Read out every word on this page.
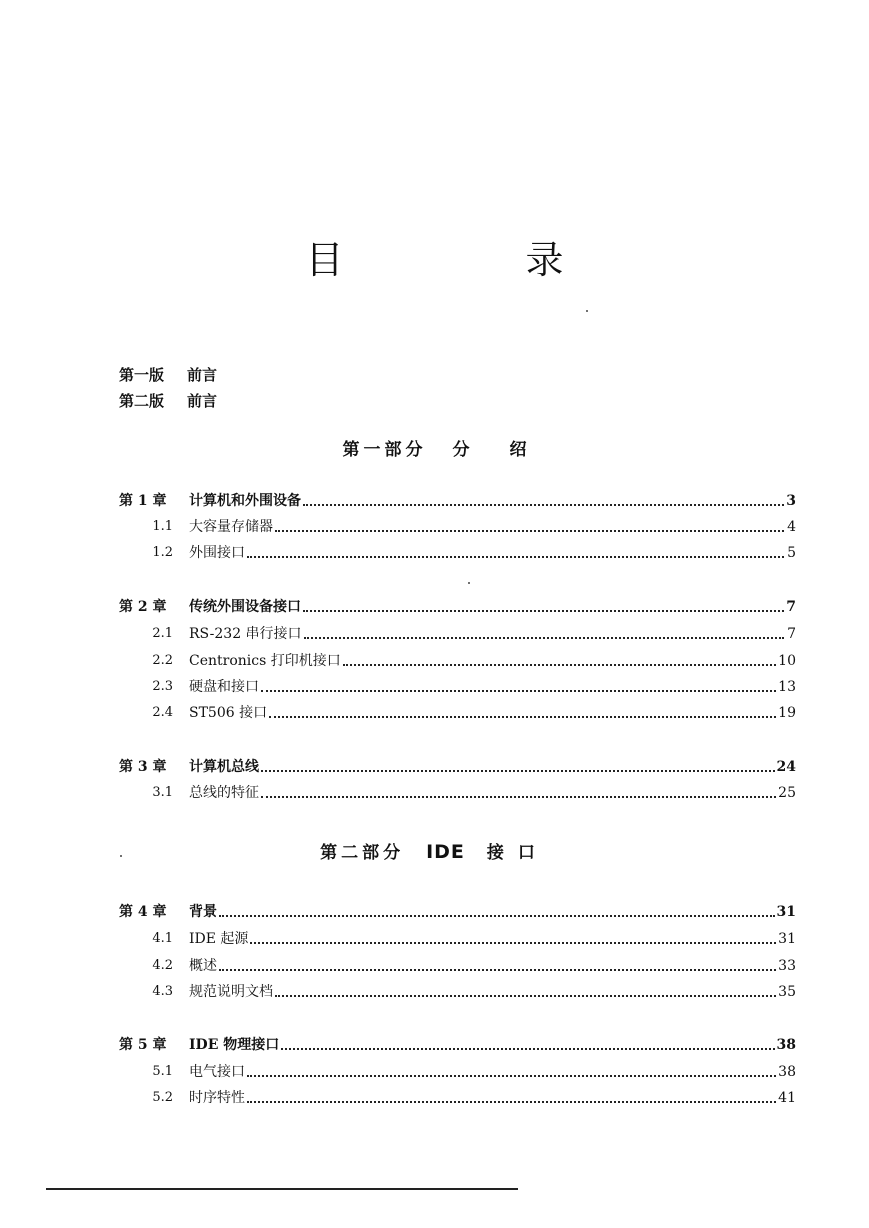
目　录
第一版 前言
第二版 前言
第一部分 分 绍
第二部分 IDE 接口
第 1 章	计算机和外围设备	3
1.1	大容量存储器	4
1.2	外围接口	5
第 2 章	传统外围设备接口	7
2.1	RS-232 串行接口	7
2.2	Centronics 打印机接口	10
2.3	硬盘和接口	13
2.4	ST506 接口	19
第 3 章	计算机总线	24
3.1	总线的特征	25
第 4 章	背景	31
4.1	IDE 起源	31
4.2	概述	33
4.3	规范说明文档	35
第 5 章	IDE 物理接口	38
5.1	电气接口	38
5.2	时序特性	41
